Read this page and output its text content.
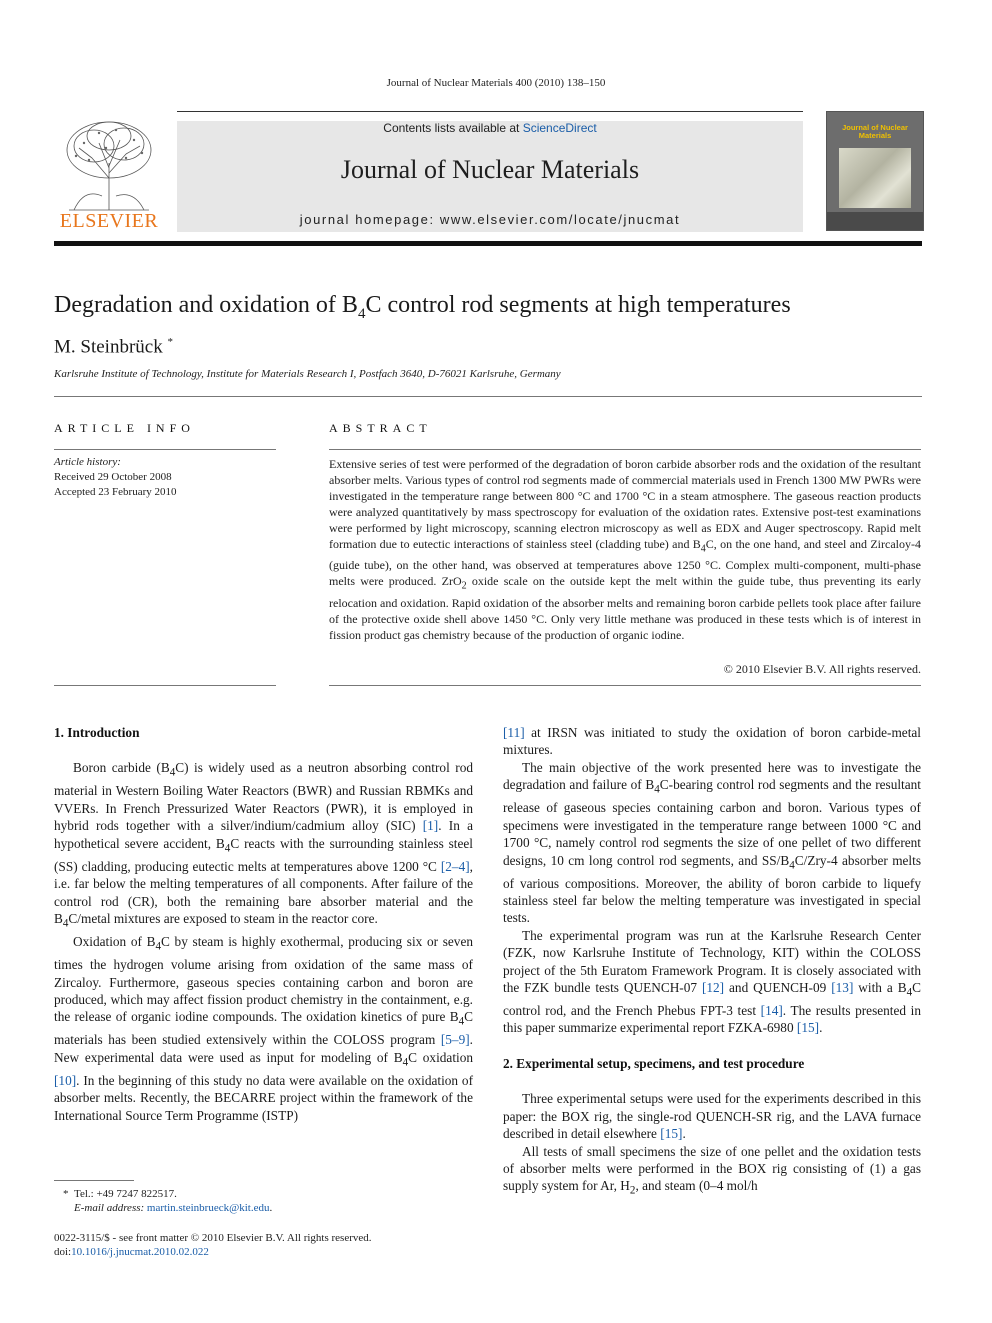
Journal of Nuclear Materials 400 (2010) 138–150
ELSEVIER
Contents lists available at ScienceDirect
Journal of Nuclear Materials
journal homepage: www.elsevier.com/locate/jnucmat
Journal of Nuclear Materials
Degradation and oxidation of $B_4C$ control rod segments at high temperatures
M. Steinbrück *
Karlsruhe Institute of Technology, Institute for Materials Research I, Postfach 3640, D-76021 Karlsruhe, Germany
ARTICLE INFO
Article history:
Received 29 October 2008
Accepted 23 February 2010
ABSTRACT
Extensive series of test were performed of the degradation of boron carbide absorber rods and the oxidation of the resultant absorber melts. Various types of control rod segments made of commercial materials used in French 1300 MW PWRs were investigated in the temperature range between 800 °C and 1700 °C in a steam atmosphere. The gaseous reaction products were analyzed quantitatively by mass spectroscopy for evaluation of the oxidation rates. Extensive post-test examinations were performed by light microscopy, scanning electron microscopy as well as EDX and Auger spectroscopy. Rapid melt formation due to eutectic interactions of stainless steel (cladding tube) and $B_4C$, on the one hand, and steel and Zircaloy-4 (guide tube), on the other hand, was observed at temperatures above 1250 °C. Complex multi-component, multi-phase melts were produced. ZrO$_2$ oxide scale on the outside kept the melt within the guide tube, thus preventing its early relocation and oxidation. Rapid oxidation of the absorber melts and remaining boron carbide pellets took place after failure of the protective oxide shell above 1450 °C. Only very little methane was produced in these tests which is of interest in fission product gas chemistry because of the production of organic iodine.
© 2010 Elsevier B.V. All rights reserved.
1. Introduction

Boron carbide $(B_4C)$ is widely used as a neutron absorbing control rod material in Western Boiling Water Reactors (BWR) and Russian RBMKs and VVERs. In French Pressurized Water Reactors (PWR), it is employed in hybrid rods together with a silver/indium/cadmium alloy (SIC) [1]. In a hypothetical severe accident, $B_4C$ reacts with the surrounding stainless steel (SS) cladding, producing eutectic melts at temperatures above 1200 °C [2–4], i.e. far below the melting temperatures of all components. After failure of the control rod (CR), both the remaining bare absorber material and the $B_4C$/metal mixtures are exposed to steam in the reactor core.

Oxidation of $B_4C$ by steam is highly exothermal, producing six or seven times the hydrogen volume arising from oxidation of the same mass of Zircaloy. Furthermore, gaseous species containing carbon and boron are produced, which may affect fission product chemistry in the containment, e.g. the release of organic iodine compounds. The oxidation kinetics of pure $B_4C$ materials has been studied extensively within the COLOSS program [5–9]. New experimental data were used as input for modeling of $B_4C$ oxidation [10]. In the beginning of this study no data were available on the oxidation of absorber melts. Recently, the BECARRE project within the framework of the International Source Term Programme (ISTP)

[11] at IRSN was initiated to study the oxidation of boron carbide-metal mixtures.

The main objective of the work presented here was to investigate the degradation and failure of $B_4C$-bearing control rod segments and the resultant release of gaseous species containing carbon and boron. Various types of specimens were investigated in the temperature range between 1000 °C and 1700 °C, namely control rod segments the size of one pellet of two different designs, 10 cm long control rod segments, and $SS/B_4C/Zry-4$ absorber melts of various compositions. Moreover, the ability of boron carbide to liquefy stainless steel far below the melting temperature was investigated in special tests.

The experimental program was run at the Karlsruhe Research Center (FZK, now Karlsruhe Institute of Technology, KIT) within the COLOSS project of the 5th Euratom Framework Program. It is closely associated with the FZK bundle tests QUENCH-07 [12] and QUENCH-09 [13] with a $B_4C$ control rod, and the French Phebus FPT-3 test [14]. The results presented in this paper summarize experimental report FZKA-6980 [15].

2. Experimental setup, specimens, and test procedure

Three experimental setups were used for the experiments described in this paper: the BOX rig, the single-rod QUENCH-SR rig, and the LAVA furnace described in detail elsewhere [15].

All tests of small specimens the size of one pellet and the oxidation tests of absorber melts were performed in the BOX rig consisting of (1) a gas supply system for Ar, $H_2$, and steam (0–4 mol/h

* Tel.: +49 7247 822517.
E-mail address: martin.steinbrueck@kit.edu.
0022-3115/$ - see front matter © 2010 Elsevier B.V. All rights reserved.
doi:10.1016/j.jnucmat.2010.02.022
